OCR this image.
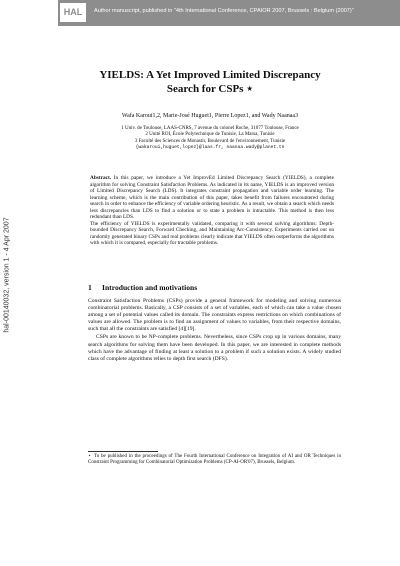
HAL	Author manuscript, published in "4th International Conference, CPAIOR 2007, Brussels : Belgium (2007)"
hal-00140032, version 1 - 4 Apr 2007
YIELDS: A Yet Improved Limited Discrepancy
Search for CSPs ⋆
Wafa Karoui1,2, Marie-José Huguet1, Pierre Lopez1, and Wady Naanaa3
1 Univ. de Toulouse, LAAS-CNRS, 7 avenue du colonel Roche, 31077 Toulouse, France
2 Unité ROI, École Polytechnique de Tunisie, La Marsa, Tunisie
3 Faculté des Sciences de Monastir, Boulevard de l'environnement, Tunisie
{wakaroui,huguet,lopez}@laas.fr, naanaa.wady@planet.tn

Abstract. In this paper, we introduce a Yet ImprovEd Limited Discrepancy Search (YIELDS), a complete algorithm for solving Constraint Satisfaction Problems. As indicated in its name, YIELDS is an improved version of Limited Discrepancy Search (LDS). It integrates constraint propagation and variable order learning. The learning scheme, which is the main contribution of this paper, takes benefit from failures encountered during search in order to enhance the efficiency of variable ordering heuristic. As a result, we obtain a search which needs less discrepancies than LDS to find a solution or to state a problem is intractable. This method is then less redundant than LDS.

The efficiency of YIELDS is experimentally validated, comparing it with several solving algorithms: Depth-bounded Discrepancy Search, Forward Checking, and Maintaining Arc-Consistency. Experiments carried out on randomly generated binary CSPs and real problems clearly indicate that YIELDS often outperforms the algorithms with which it is compared, especially for tractable problems.

1 Introduction and motivations

Constraint Satisfaction Problems (CSPs) provide a general framework for modeling and solving numerous combinatorial problems. Basically, a CSP consists of a set of variables, each of which can take a value chosen among a set of potential values called its domain. The constraints express restrictions on which combinations of values are allowed. The problem is to find an assignment of values to variables, from their respective domains, such that all the constraints are satisfied [4][19].

CSPs are known to be NP-complete problems. Nevertheless, since CSPs crop up in various domains, many search algorithms for solving them have been developed. In this paper, we are interested in complete methods which have the advantage of finding at least a solution to a problem if such a solution exists. A widely studied class of complete algorithms relies to depth first search (DFS).

⋆ To be published in the proceedings of The Fourth International Conference on Integration of AI and OR Techniques in Constraint Programming for Combinatorial Optimization Problems (CP-AI-OR'07), Brussels, Belgium.
